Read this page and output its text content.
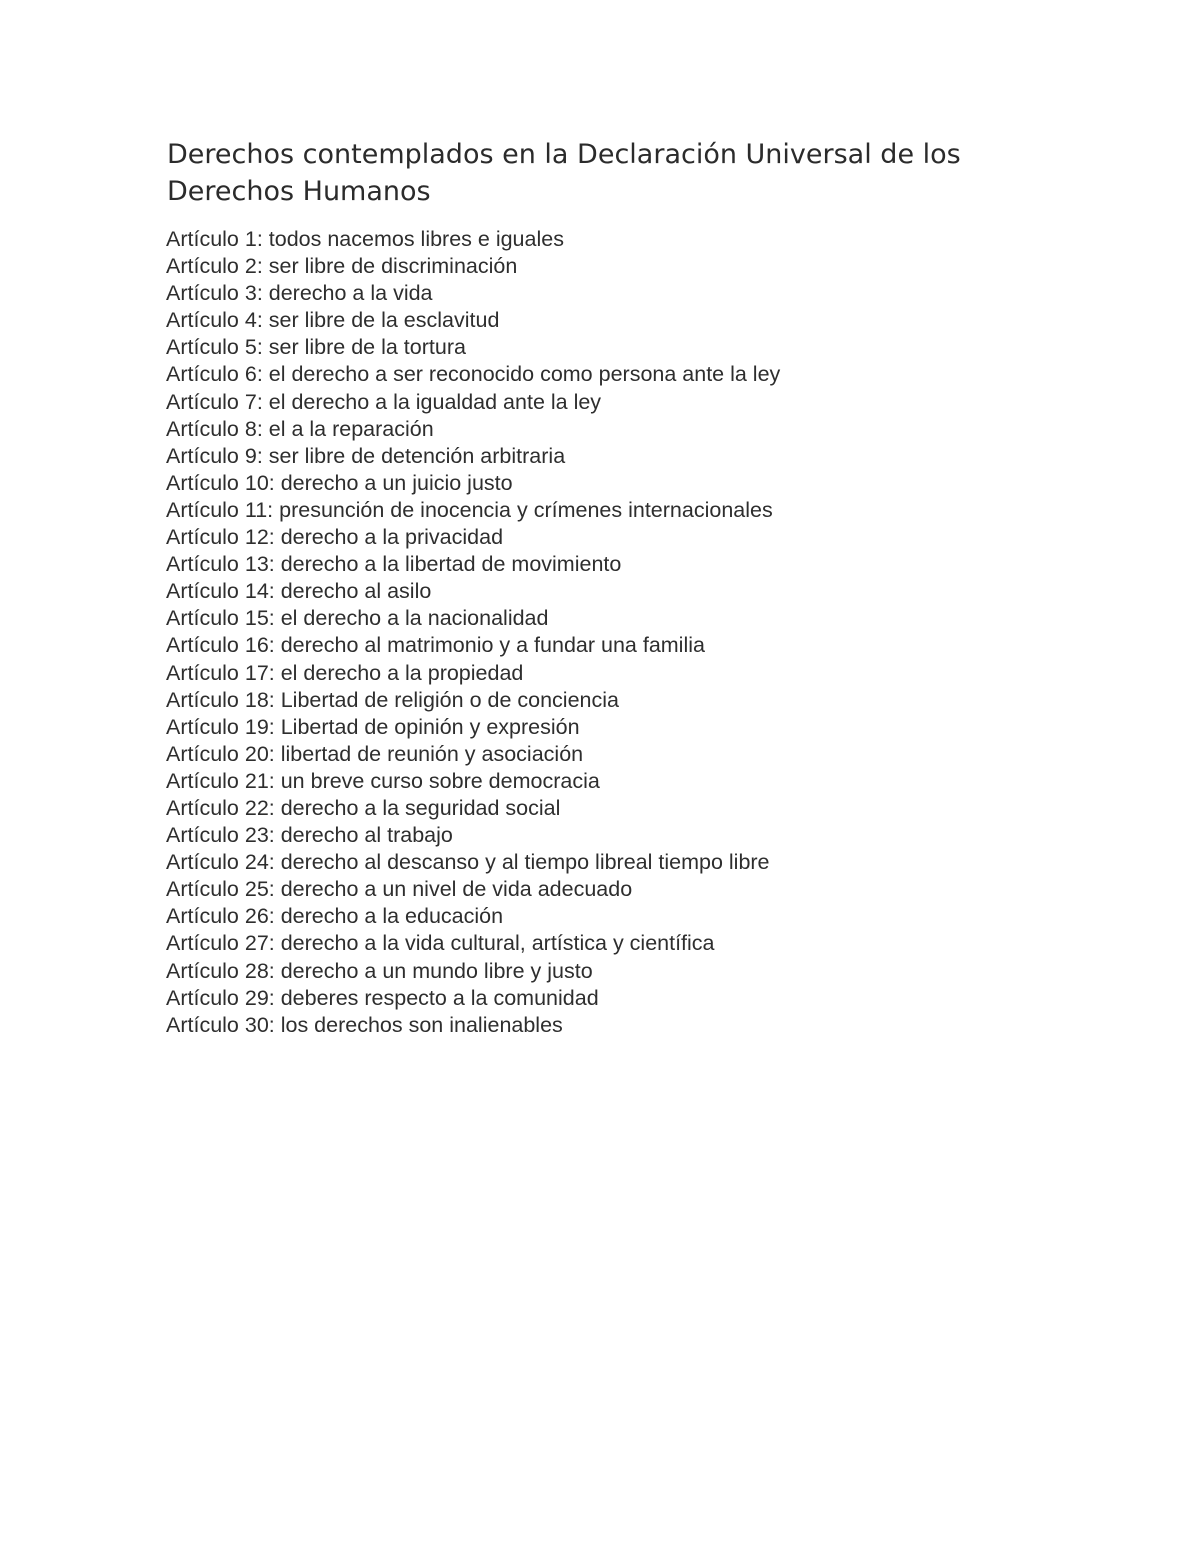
Derechos contemplados en la Declaración Universal de los Derechos Humanos
Artículo 1: todos nacemos libres e iguales
Artículo 2: ser libre de discriminación
Artículo 3: derecho a la vida
Artículo 4: ser libre de la esclavitud
Artículo 5: ser libre de la tortura
Artículo 6: el derecho a ser reconocido como persona ante la ley
Artículo 7: el derecho a la igualdad ante la ley
Artículo 8: el a la reparación
Artículo 9: ser libre de detención arbitraria
Artículo 10: derecho a un juicio justo
Artículo 11: presunción de inocencia y crímenes internacionales
Artículo 12: derecho a la privacidad
Artículo 13: derecho a la libertad de movimiento
Artículo 14: derecho al asilo
Artículo 15: el derecho a la nacionalidad
Artículo 16: derecho al matrimonio y a fundar una familia
Artículo 17: el derecho a la propiedad
Artículo 18: Libertad de religión o de conciencia
Artículo 19: Libertad de opinión y expresión
Artículo 20: libertad de reunión y asociación
Artículo 21: un breve curso sobre democracia
Artículo 22: derecho a la seguridad social
Artículo 23: derecho al trabajo
Artículo 24: derecho al descanso y al tiempo libreal tiempo libre
Artículo 25: derecho a un nivel de vida adecuado
Artículo 26: derecho a la educación
Artículo 27: derecho a la vida cultural, artística y científica
Artículo 28: derecho a un mundo libre y justo
Artículo 29: deberes respecto a la comunidad
Artículo 30: los derechos son inalienables
